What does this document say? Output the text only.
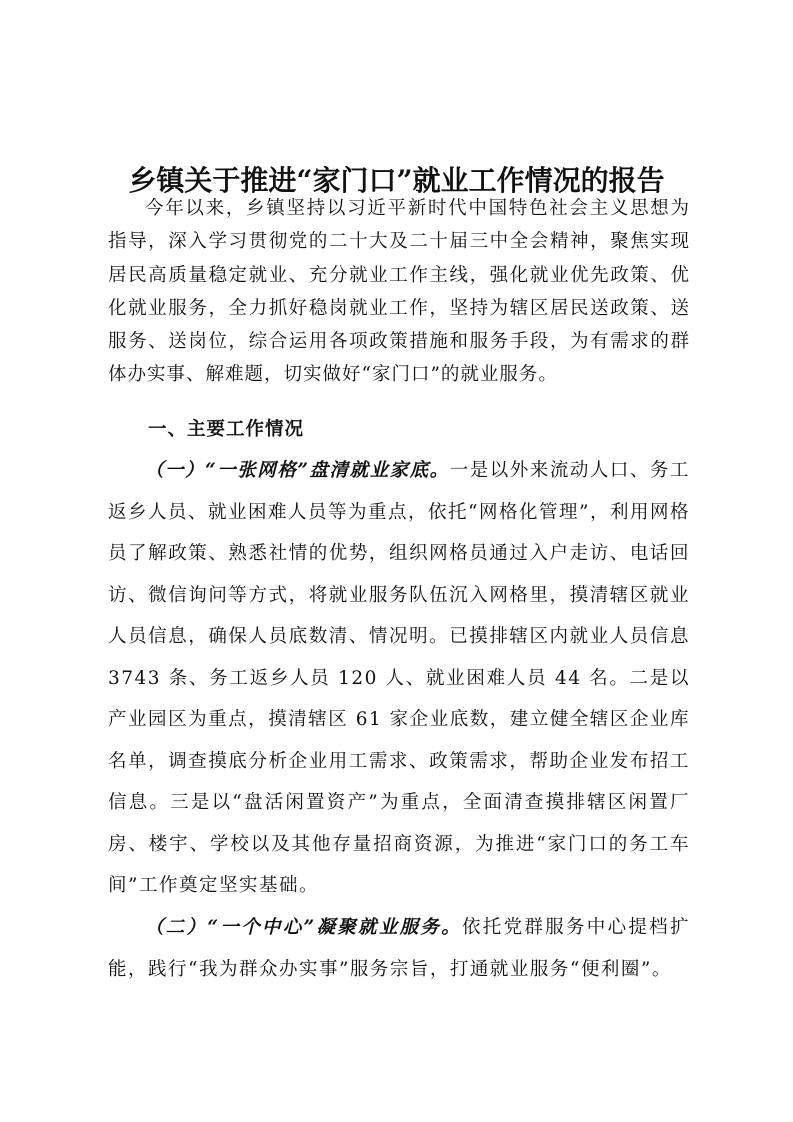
乡镇关于推进“家门口”就业工作情况的报告

今年以来，乡镇坚持以习近平新时代中国特色社会主义思想为指导，深入学习贯彻党的二十大及二十届三中全会精神，聚焦实现居民高质量稳定就业、充分就业工作主线，强化就业优先政策、优化就业服务，全力抓好稳岗就业工作，坚持为辖区居民送政策、送服务、送岗位，综合运用各项政策措施和服务手段，为有需求的群体办实事、解难题，切实做好“家门口”的就业服务。

一、主要工作情况

（一）“一张网格”盘清就业家底。一是以外来流动人口、务工返乡人员、就业困难人员等为重点，依托“网格化管理”，利用网格员了解政策、熟悉社情的优势，组织网格员通过入户走访、电话回访、微信询问等方式，将就业服务队伍沉入网格里，摸清辖区就业人员信息，确保人员底数清、情况明。已摸排辖区内就业人员信息 3743 条、务工返乡人员 120 人、就业困难人员 44 名。二是以产业园区为重点，摸清辖区 61 家企业底数，建立健全辖区企业库名单，调查摸底分析企业用工需求、政策需求，帮助企业发布招工信息。三是以“盘活闲置资产”为重点，全面清查摸排辖区闲置厂房、楼宇、学校以及其他存量招商资源，为推进“家门口的务工车间”工作奠定坚实基础。

（二）“一个中心”凝聚就业服务。依托党群服务中心提档扩能，践行“我为群众办实事”服务宗旨，打通就业服务“便利圈”。
